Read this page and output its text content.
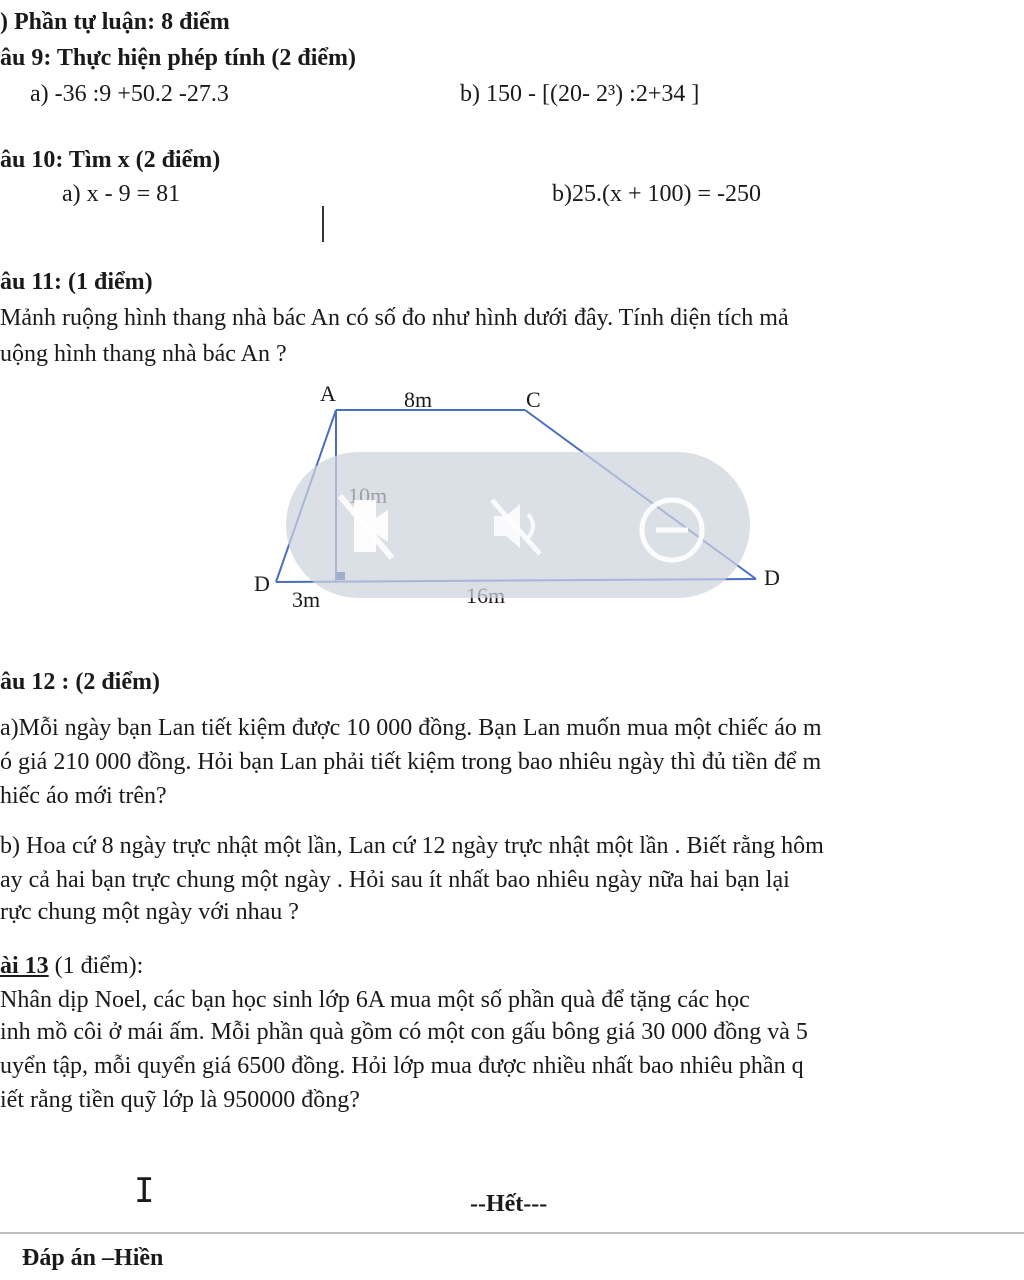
) Phần tự luận: 8 điểm
âu 9: Thực hiện phép tính (2 điểm)
a) -36 :9 +50.2 -27.3	b) 150 - [(20- 2³) :2+34 ]
âu 10: Tìm x (2 điểm)
a) x - 9 = 81	b)25.(x + 100) = -250
âu 11: (1 điểm)
Mảnh ruộng hình thang nhà bác An có số đo như hình dưới đây. Tính diện tích mả
uộng hình thang nhà bác An ?
A	8m	C
D	D
3m
âu 12 : (2 điểm)
a)Mỗi ngày bạn Lan tiết kiệm được 10 000 đồng. Bạn Lan muốn mua một chiếc áo m
ó giá 210 000 đồng. Hỏi bạn Lan phải tiết kiệm trong bao nhiêu ngày thì đủ tiền để m
hiếc áo mới trên?
b) Hoa cứ 8 ngày trực nhật một lần, Lan cứ 12 ngày trực nhật một lần . Biết rằng hôm
ay cả hai bạn trực chung một ngày . Hỏi sau ít nhất bao nhiêu ngày nữa hai bạn lại
rực chung một ngày với nhau ?
ài 13 (1 điểm):
Nhân dịp Noel, các bạn học sinh lớp 6A mua một số phần quà để tặng các học
inh mồ côi ở mái ấm. Mỗi phần quà gồm có một con gấu bông giá 30 000 đồng và 5
uyển tập, mỗi quyển giá 6500 đồng. Hỏi lớp mua được nhiều nhất bao nhiêu phần q
iết rằng tiền quỹ lớp là 950000 đồng?
I	--Hết---
Đáp án –Hiền
